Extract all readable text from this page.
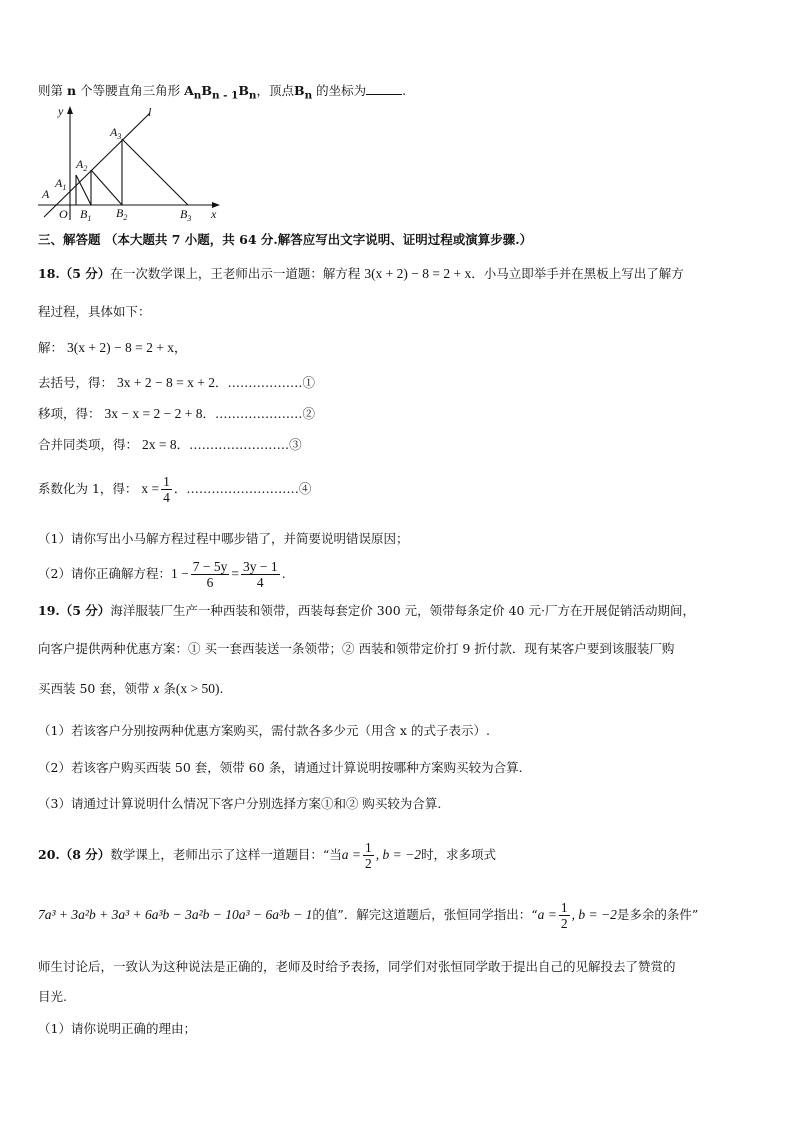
则第 n 个等腰直角三角形 $A_nB_{n - 1}B_n$，顶点$B_n$ 的坐标为	.
y
x
l
O
A
$A_1$
$A_2$
$A_3$
$B_1$ $B_2$	$B_3$
三、解答题 （本大题共 7 小题，共 64 分.解答应写出文字说明、证明过程或演算步骤.）
18.（5 分）在一次数学课上，王老师出示一道题：解方程 3(x + 2) − 8 = 2 + x．小马立即举手并在黑板上写出了解方
程过程，具体如下：
解： 3(x + 2) − 8 = 2 + x，
去括号，得： 3x + 2 − 8 = x + 2．………………①
移项，得： 3x − x = 2 − 2 + 8．…………………②
合并同类项，得： 2x = 8．……………………③
系数化为 1，得： $x = \frac{1}{4}$ ．………………………④
（1）请你写出小马解方程过程中哪步错了，并简要说明错误原因；
（2）请你正确解方程：$1 - \frac{7 - 5y}{6} = \frac{3y - 1}{4}$ .
19.（5 分）海洋服装厂生产一种西装和领带，西装每套定价 300 元，领带每条定价 40 元·厂方在开展促销活动期间，
向客户提供两种优惠方案：① 买一套西装送一条领带；② 西装和领带定价打 9 折付款．现有某客户要到该服装厂购
买西装 50 套，领带 x 条(x > 50).
（1）若该客户分别按两种优惠方案购买，需付款各多少元（用含 x 的式子表示）.
（2）若该客户购买西装 50 套，领带 60 条，请通过计算说明按哪种方案购买较为合算.
（3）请通过计算说明什么情况下客户分别选择方案①和② 购买较为合算.
20.（8 分）数学课上，老师出示了这样一道题目：“当$a = \frac{1}{2}$ , b = −2时，求多项式
7a³ + 3a²b + 3a³ + 6a³b − 3a²b − 10a³ − 6a³b − 1的值”．解完这道题后，张恒同学指出：“$a = \frac{1}{2}$ , b = −2是多余的条件”
师生讨论后，一致认为这种说法是正确的，老师及时给予表扬，同学们对张恒同学敢于提出自己的见解投去了赞赏的
目光.
（1）请你说明正确的理由；
